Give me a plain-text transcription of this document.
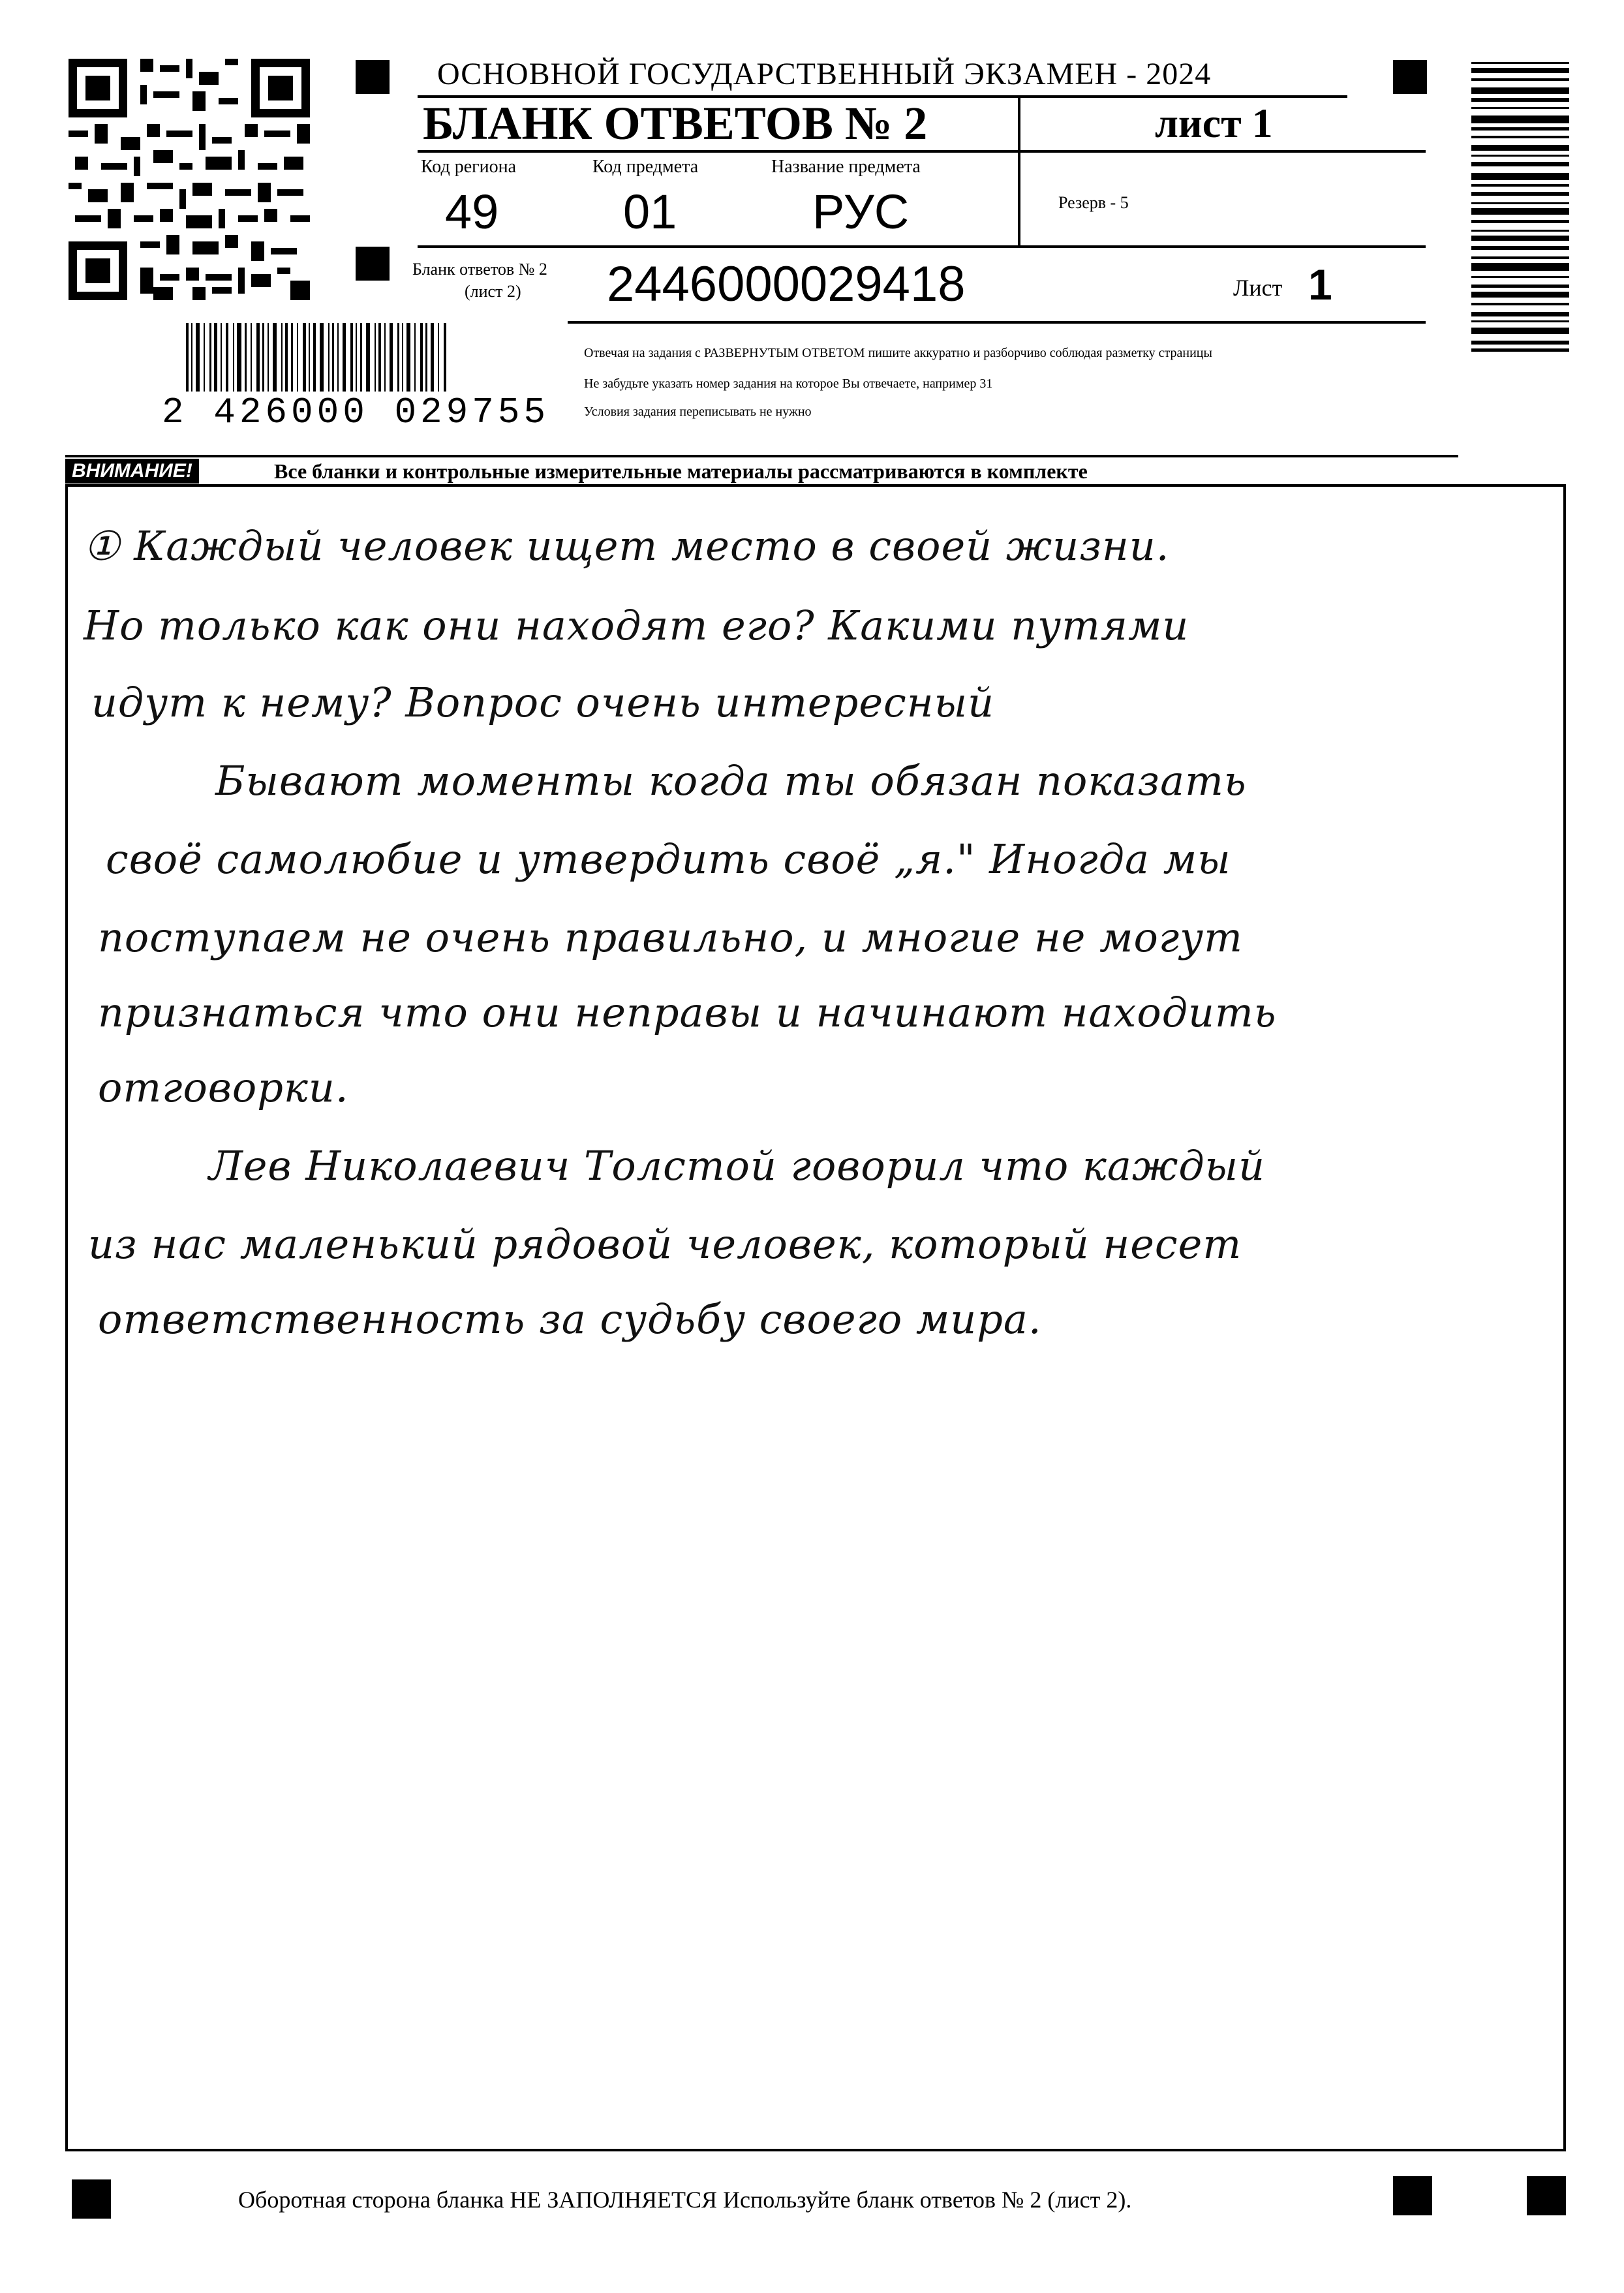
ОСНОВНОЙ ГОСУДАРСТВЕННЫЙ ЭКЗАМЕН - 2024
БЛАНК ОТВЕТОВ № 2	лист 1
Код региона
49
Код предмета
01
Название предмета
РУС	Резерв - 5
Бланк ответов № 2
(лист 2) 2446000029418	Лист 1
2 426000 029755
Отвечая на задания с РАЗВЕРНУТЫМ ОТВЕТОМ пишите аккуратно и разборчиво соблюдая разметку страницы
Не забудьте указать номер задания на которое Вы отвечаете, например 31
Условия задания переписывать не нужно
ВНИМАНИЕ!	Все бланки и контрольные измерительные материалы рассматриваются в комплекте
① Каждый человек ищет место в своей жизни.
Но только как они находят его? Какими путями
идут к нему? Вопрос очень интересный
Бывают моменты когда ты обязан показать
своё самолюбие и утвердить своё „я." Иногда мы
поступаем не очень правильно, и многие не могут
признаться что они неправы и начинают находить
отговорки.
Лев Николаевич Толстой говорил что каждый
из нас маленький рядовой человек, который несет
ответственность за судьбу своего мира.
Оборотная сторона бланка НЕ ЗАПОЛНЯЕТСЯ Используйте бланк ответов № 2 (лист 2).
